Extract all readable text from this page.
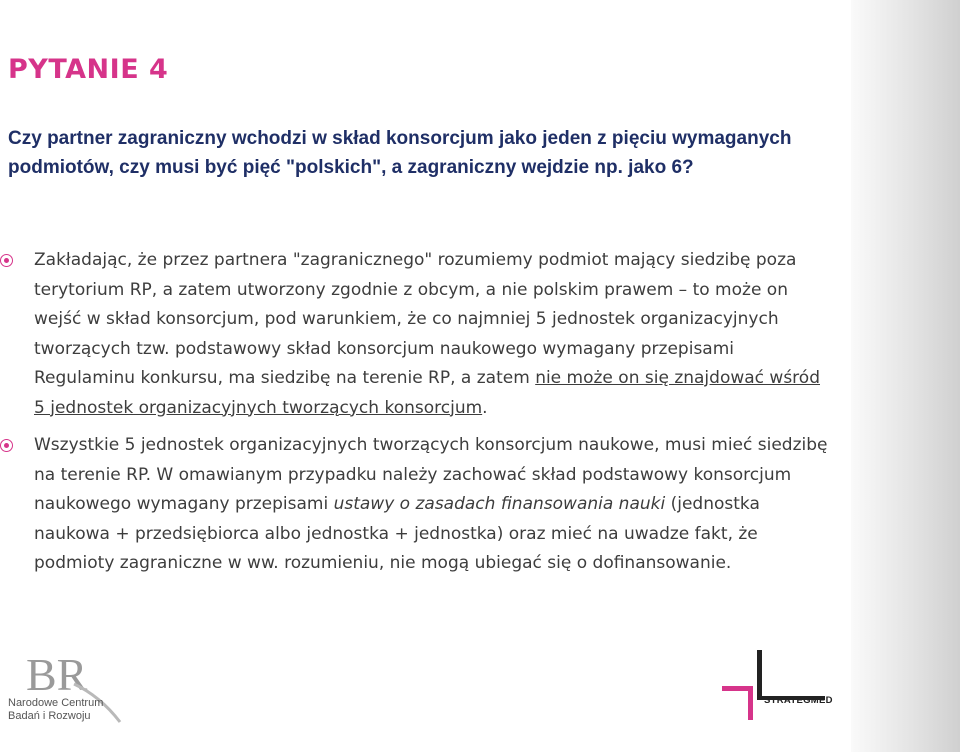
PYTANIE 4

Czy partner zagraniczny wchodzi w skład konsorcjum jako jeden z pięciu wymaganych podmiotów, czy musi być pięć "polskich", a zagraniczny wejdzie np. jako 6?

Zakładając, że przez partnera "zagranicznego" rozumiemy podmiot mający siedzibę poza terytorium RP, a zatem utworzony zgodnie z obcym, a nie polskim prawem – to może on wejść w skład konsorcjum, pod warunkiem, że co najmniej 5 jednostek organizacyjnych tworzących tzw. podstawowy skład konsorcjum naukowego wymagany przepisami Regulaminu konkursu, ma siedzibę na terenie RP, a zatem nie może on się znajdować wśród 5 jednostek organizacyjnych tworzących konsorcjum.
Wszystkie 5 jednostek organizacyjnych tworzących konsorcjum naukowe, musi mieć siedzibę na terenie RP. W omawianym przypadku należy zachować skład podstawowy konsorcjum naukowego wymagany przepisami ustawy o zasadach finansowania nauki (jednostka naukowa + przedsiębiorca albo jednostka + jednostka) oraz mieć na uwadze fakt, że podmioty zagraniczne w ww. rozumieniu, nie mogą ubiegać się o dofinansowanie.
BR
Narodowe Centrum
Badań i Rozwoju
STRATEGMED
